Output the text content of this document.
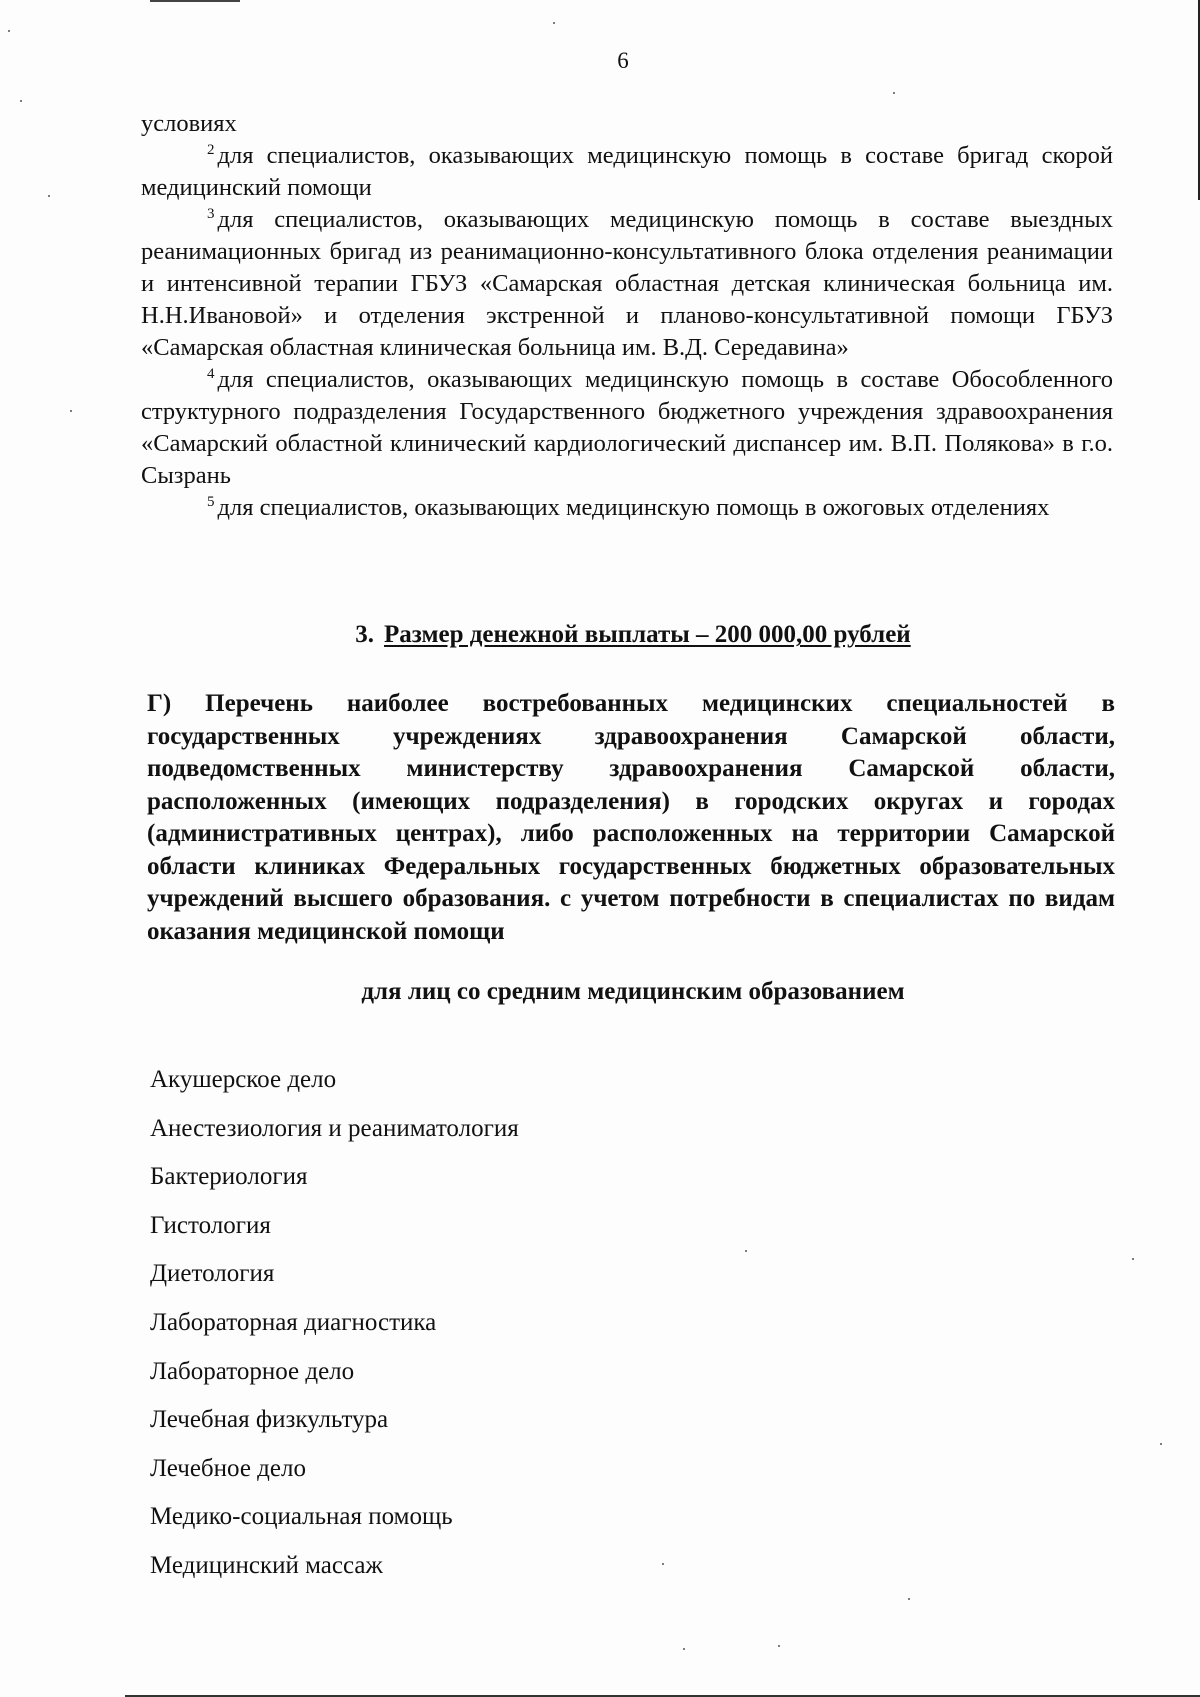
6

условиях

$^2$ для специалистов, оказывающих медицинскую помощь в составе бригад скорой медицинский помощи

$^3$ для специалистов, оказывающих медицинскую помощь в составе выездных реанимационных бригад из реанимационно-консультативного блока отделения реанимации и интенсивной терапии ГБУЗ «Самарская областная детская клиническая больница им. Н.Н.Ивановой» и отделения экстренной и планово-консультативной помощи ГБУЗ «Самарская областная клиническая больница им. В.Д. Середавина»

$^4$ для специалистов, оказывающих медицинскую помощь в составе Обособленного структурного подразделения Государственного бюджетного учреждения здравоохранения «Самарский областной клинический кардиологический диспансер им. В.П. Полякова» в г.о. Сызрань

$^5$ для специалистов, оказывающих медицинскую помощь в ожоговых отделениях

3. Размер денежной выплаты – 200 000,00 рублей

Г) Перечень наиболее востребованных медицинских специальностей в государственных учреждениях здравоохранения Самарской области, подведомственных министерству здравоохранения Самарской области, расположенных (имеющих подразделения) в городских округах и городах (административных центрах), либо расположенных на территории Самарской области клиниках Федеральных государственных бюджетных образовательных учреждений высшего образования. с учетом потребности в специалистах по видам оказания медицинской помощи

для лиц со средним медицинским образованием
Акушерское дело
Анестезиология и реаниматология
Бактериология
Гистология
Диетология
Лабораторная диагностика
Лабораторное дело
Лечебная физкультура
Лечебное дело
Медико-социальная помощь
Медицинский массаж
